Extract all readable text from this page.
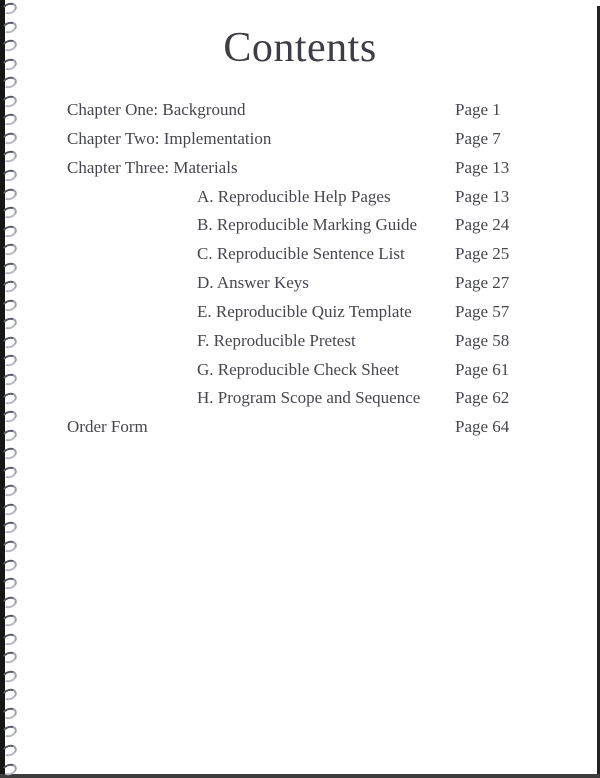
Contents
Chapter One: Background	Page 1
Chapter Two: Implementation	Page 7
Chapter Three: Materials	Page 13
A. Reproducible Help Pages	Page 13
B. Reproducible Marking Guide Page 24
C. Reproducible Sentence List	Page 25
D. Answer Keys	Page 27
E. Reproducible Quiz Template	Page 57
F. Reproducible Pretest	Page 58
G. Reproducible Check Sheet	Page 61
H. Program Scope and Sequence Page 62
Order Form	Page 64
